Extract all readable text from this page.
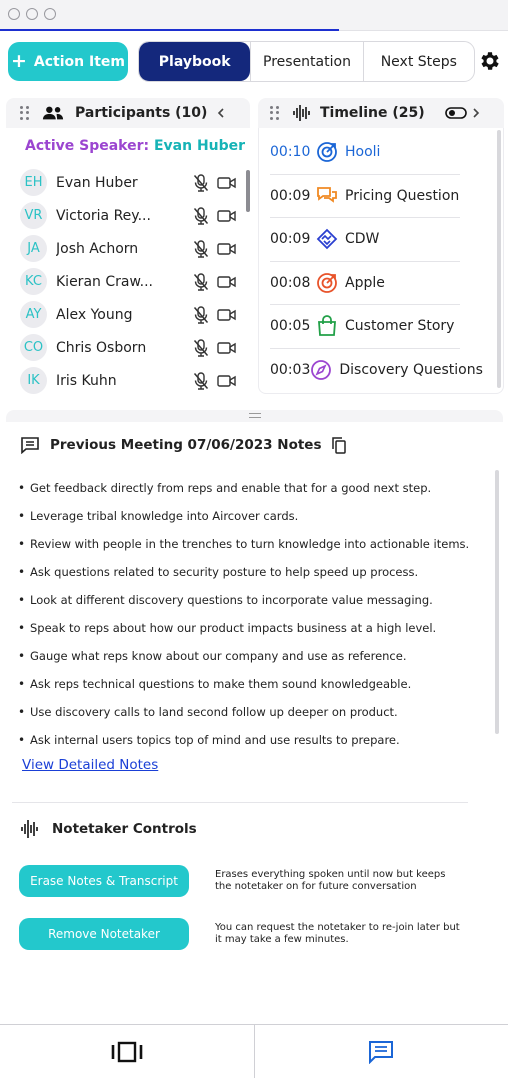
+ Action Item	Playbook	Presentation	Next Steps
Participants (10)
Active Speaker: Evan Huber
EH Evan Huber
VR Victoria Rey...
JA	Josh Achorn
KC	Kieran Craw...
AY	Alex Young
CO Chris Osborn
IK	Iris Kuhn
Timeline (25)
00:10	Hooli
00:09	Pricing Question
00:09	CDW
00:08	Apple
00:05	Customer Story
00:03 Discovery Questions
Previous Meeting 07/06/2023 Notes
• Get feedback directly from reps and enable that for a good next step.
• Leverage tribal knowledge into Aircover cards.
• Review with people in the trenches to turn knowledge into actionable items.
• Ask questions related to security posture to help speed up process.
• Look at different discovery questions to incorporate value messaging.
• Speak to reps about how our product impacts business at a high level.
• Gauge what reps know about our company and use as reference.
• Ask reps technical questions to make them sound knowledgeable.
• Use discovery calls to land second follow up deeper on product.
• Ask internal users topics top of mind and use results to prepare.
View Detailed Notes
Notetaker Controls
Erase Notes & Transcript	Erases everything spoken until now but keeps the notetaker on for future conversation
Remove Notetaker	You can request the notetaker to re-join later but it may take a few minutes.
